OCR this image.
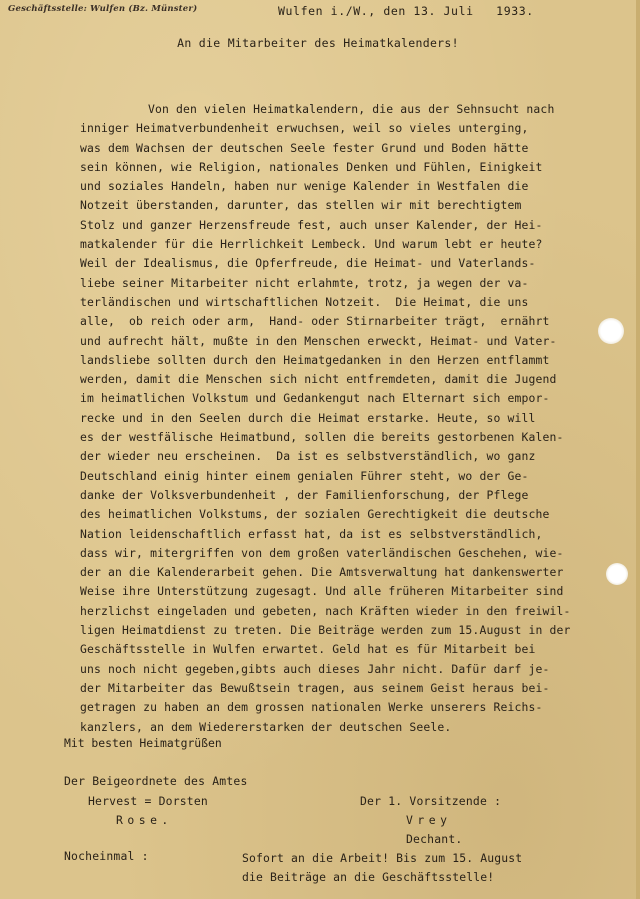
Geschäftsstelle: Wulfen (Bz. Münster)	Wulfen i./W., den 13. Juli   1933.
An die Mitarbeiter des Heimatkalenders!
Von den vielen Heimatkalendern, die aus der Sehnsucht nach
inniger Heimatverbundenheit erwuchsen, weil so vieles unterging,
was dem Wachsen der deutschen Seele fester Grund und Boden hätte
sein können, wie Religion, nationales Denken und Fühlen, Einigkeit
und soziales Handeln, haben nur wenige Kalender in Westfalen die
Notzeit überstanden, darunter, das stellen wir mit berechtigtem
Stolz und ganzer Herzensfreude fest, auch unser Kalender, der Hei-
matkalender für die Herrlichkeit Lembeck. Und warum lebt er heute?
Weil der Idealismus, die Opferfreude, die Heimat- und Vaterlands-
liebe seiner Mitarbeiter nicht erlahmte, trotz, ja wegen der va-
terländischen und wirtschaftlichen Notzeit.  Die Heimat, die uns
alle,  ob reich oder arm,  Hand- oder Stirnarbeiter trägt,  ernährt
und aufrecht hält, mußte in den Menschen erweckt, Heimat- und Vater-
landsliebe sollten durch den Heimatgedanken in den Herzen entflammt
werden, damit die Menschen sich nicht entfremdeten, damit die Jugend
im heimatlichen Volkstum und Gedankengut nach Elternart sich empor-
recke und in den Seelen durch die Heimat erstarke. Heute, so will
es der westfälische Heimatbund, sollen die bereits gestorbenen Kalen-
der wieder neu erscheinen.  Da ist es selbstverständlich, wo ganz
Deutschland einig hinter einem genialen Führer steht, wo der Ge-
danke der Volksverbundenheit , der Familienforschung, der Pflege
des heimatlichen Volkstums, der sozialen Gerechtigkeit die deutsche
Nation leidenschaftlich erfasst hat, da ist es selbstverständlich,
dass wir, mitergriffen von dem großen vaterländischen Geschehen, wie-
der an die Kalenderarbeit gehen. Die Amtsverwaltung hat dankenswerter
Weise ihre Unterstützung zugesagt. Und alle früheren Mitarbeiter sind
herzlichst eingeladen und gebeten, nach Kräften wieder in den freiwil-
ligen Heimatdienst zu treten. Die Beiträge werden zum 15.August in der
Geschäftsstelle in Wulfen erwartet. Geld hat es für Mitarbeit bei
uns noch nicht gegeben,gibts auch dieses Jahr nicht. Dafür darf je-
der Mitarbeiter das Bewußtsein tragen, aus seinem Geist heraus bei-
getragen zu haben an dem grossen nationalen Werke unserers Reichs-
kanzlers, an dem Wiedererstarken der deutschen Seele.
Mit besten Heimatgrüßen

Der Beigeordnete des Amtes

Der 1. Vorsitzende :

Hervest = Dorsten

Vrey

Rose.

Dechant.

Nocheinmal :	Sofort an die Arbeit! Bis zum 15. August
die Beiträge an die Geschäftsstelle!
